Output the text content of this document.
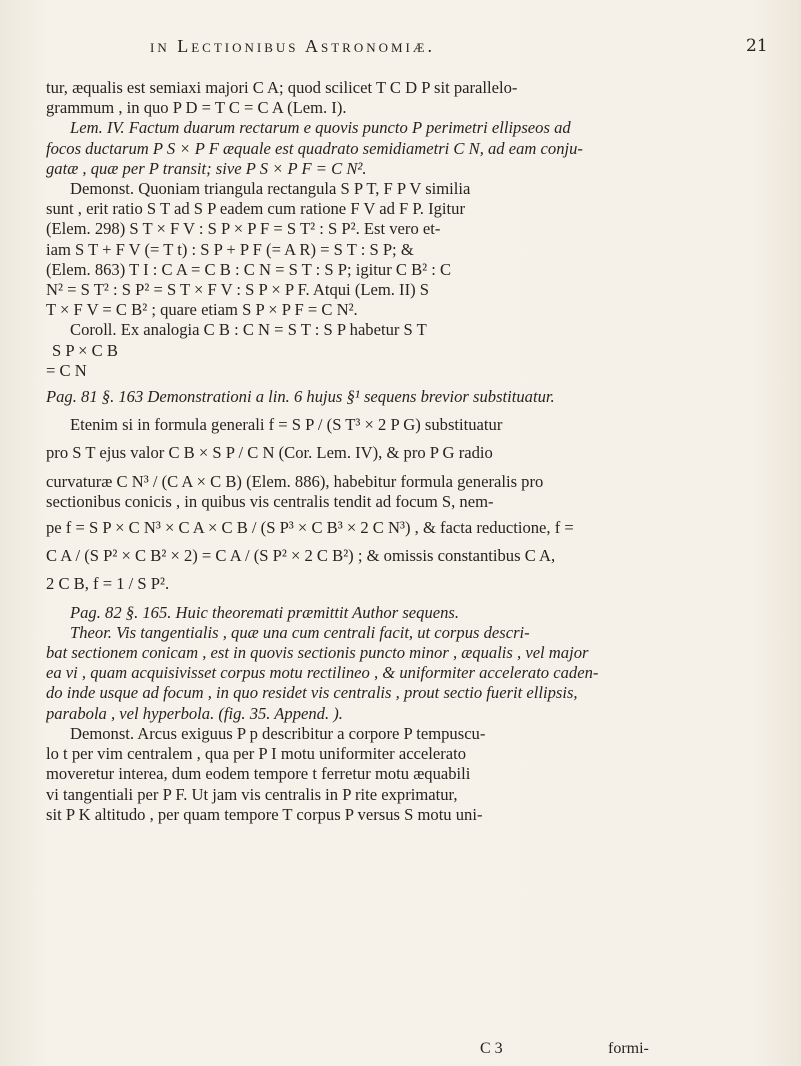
in Lectionibus Astronomiæ.	21
tur, æqualis est semiaxi majori C A; quod scilicet T C D P sit parallelo-
grammum , in quo P D = T C = C A (Lem. I).
Lem. IV. Factum duarum rectarum e quovis puncto P perimetri ellipseos ad
focos ductarum P S × P F æquale est quadrato semidiametri C N, ad eam conju-
gatæ , quæ per P transit; sive P S × P F = C N².
Demonst. Quoniam triangula rectangula S P T, F P V similia
sunt , erit ratio S T ad S P eadem cum ratione F V ad F P. Igitur
(Elem. 298) S T × F V : S P × P F = S T² : S P². Est vero et-
iam S T + F V (= T t) : S P + P F (= A R) = S T : S P; &
(Elem. 863) T I : C A = C B : C N = S T : S P; igitur C B² : C
N² = S T² : S P² = S T × F V : S P × P F. Atqui (Lem. II) S
T × F V = C B² ; quare etiam S P × P F = C N².
Coroll. Ex analogia C B : C N = S T : S P habetur S T
S P × C B
= C N
Pag. 81 §. 163 Demonstrationi a lin. 6 hujus §¹ sequens brevior substituatur.
Etenim si in formula generali f = S P / (S T³ × 2 P G) substituatur
pro S T ejus valor C B × S P / C N (Cor. Lem. IV), & pro P G radio
curvaturæ C N³ / (C A × C B) (Elem. 886), habebitur formula generalis pro
sectionibus conicis , in quibus vis centralis tendit ad focum S, nem-
pe f = S P × C N³ × C A × C B / (S P³ × C B³ × 2 C N³) , & facta reductione, f =
C A / (S P² × C B² × 2) = C A / (S P² × 2 C B²) ; & omissis constantibus C A,
2 C B, f = 1 / S P².
Pag. 82 §. 165. Huic theoremati præmittit Author sequens.
Theor. Vis tangentialis , quæ una cum centrali facit, ut corpus descri-
bat sectionem conicam , est in quovis sectionis puncto minor , æqualis , vel major
ea vi , quam acquisivisset corpus motu rectilineo , & uniformiter accelerato caden-
do inde usque ad focum , in quo residet vis centralis , prout sectio fuerit ellipsis,
parabola , vel hyperbola. (fig. 35. Append. ).
Demonst. Arcus exiguus P p describitur a corpore P tempuscu-
lo t per vim centralem , qua per P I motu uniformiter accelerato
moveretur interea, dum eodem tempore t ferretur motu æquabili
vi tangentiali per P F. Ut jam vis centralis in P rite exprimatur,
sit P K altitudo , per quam tempore T corpus P versus S motu uni-
C 3	formi-
